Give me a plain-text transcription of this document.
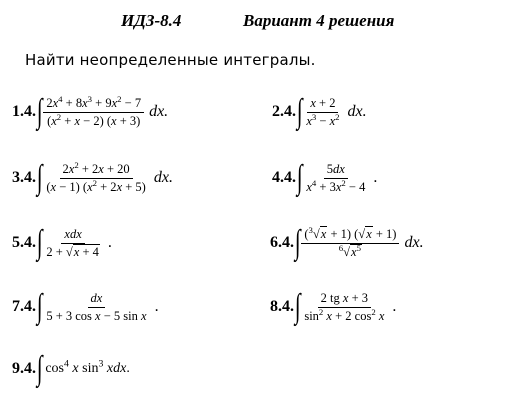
ИДЗ-8.4	Вариант 4 решения
Найти неопределенные интегралы.
1.4. ∫ $\frac{2x^4 + 8x^3 + 9x^2 - 7}{(x^2 + x - 2) (x + 3)}$ dx.	2.4. ∫ $\frac{x + 2}{x^3 - x^2}$ dx.
3.4. ∫ $\frac{2x^2 + 2x + 20}{(x - 1) (x^2 + 2x + 5)}$ dx.	4.4. ∫ $\frac{5dx}{x^4 + 3x^2 - 4}$ .
5.4. ∫ $\frac{\text{xdx}}{2 + √x + 4}$ .	6.4. ∫ $\frac{(^3√x + 1) (√x + 1)}{^6√x^5}$ dx.
7.4. ∫ $\frac{dx}{\text{5 + 3 cos x − 5 sin x}}$ .	8.4. ∫ $\frac{\text{2 tg x + 3}}{\sin^2 x + 2 \cos^2 x}$ .
9.4. ∫ $\cos^4 x$ $\sin^3$ xdx.
